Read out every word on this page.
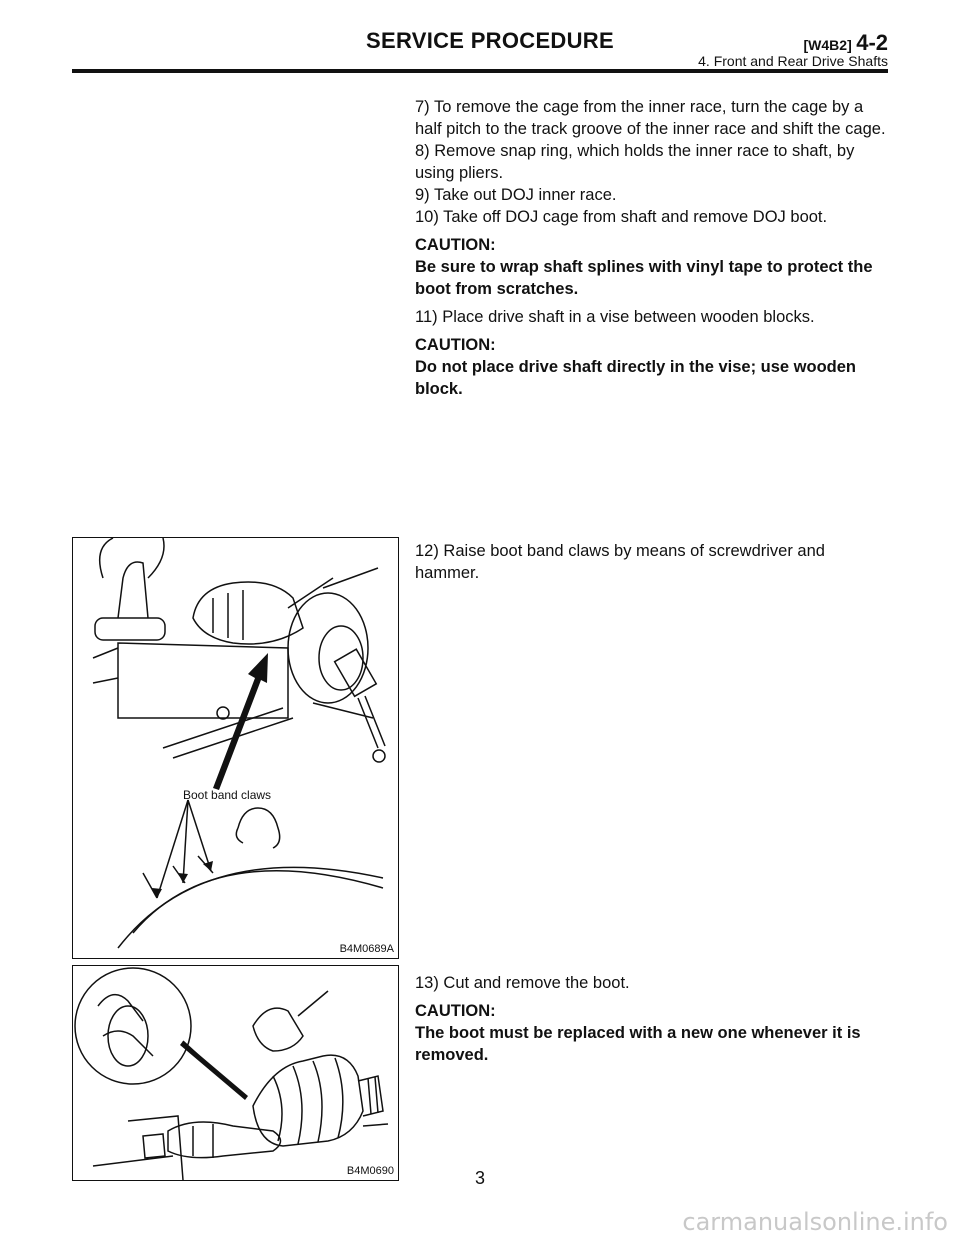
SERVICE PROCEDURE	[W4B2] 4-2
4. Front and Rear Drive Shafts

7) To remove the cage from the inner race, turn the cage by a half pitch to the track groove of the inner race and shift the cage.

8) Remove snap ring, which holds the inner race to shaft, by using pliers.

9) Take out DOJ inner race.

10) Take off DOJ cage from shaft and remove DOJ boot.

CAUTION:

Be sure to wrap shaft splines with vinyl tape to protect the boot from scratches.

11) Place drive shaft in a vise between wooden blocks.

CAUTION:

Do not place drive shaft directly in the vise; use wooden block.

12) Raise boot band claws by means of screwdriver and hammer.

13) Cut and remove the boot.

CAUTION:

The boot must be replaced with a new one whenever it is removed.

Boot band claws
B4M0689A
B4M0690	3
carmanualsonline.info
